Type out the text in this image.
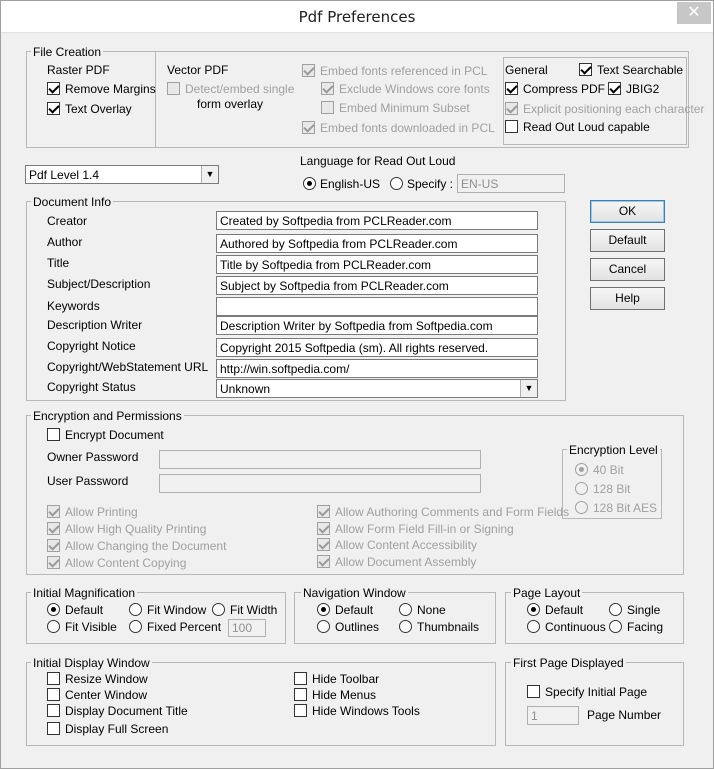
Pdf Preferences	✕
File Creation
Raster PDF
Remove Margins
Text Overlay
Vector PDF
Detect/embed single
form overlay
Embed fonts referenced in PCL
Exclude Windows core fonts
Embed Minimum Subset
Embed fonts downloaded in PCL
General	Text Searchable
Compress PDF JBIG2
Explicit positioning each character
Read Out Loud capable
Pdf Level 1.4	▼
Language for Read Out Loud
English-US Specify : EN-US
Document Info
Creator	Created by Softpedia from PCLReader.com
Author	Authored by Softpedia from PCLReader.com
Title	Title by Softpedia from PCLReader.com
Subject/Description	Subject by Softpedia from PCLReader.com
Keywords
Description Writer	Description Writer by Softpedia from Softpedia.com
Copyright Notice	Copyright 2015 Softpedia (sm). All rights reserved.
Copyright/WebStatement URL http://win.softpedia.com/
Copyright Status	Unknown	▼
OK
Default
Cancel
Help
Encryption and Permissions
Encrypt Document
Owner Password
User Password
Encryption Level
40 Bit
128 Bit
128 Bit AES
Allow Printing
Allow High Quality Printing
Allow Changing the Document
Allow Content Copying
Allow Authoring Comments and Form Fields
Allow Form Field Fill-in or Signing
Allow Content Accessibility
Allow Document Assembly
Initial Magnification
Default	Fit Window Fit Width
Fit Visible	Fixed Percent 100
Navigation Window
Default	None
Outlines	Thumbnails
Page Layout
Default	Single
Continuous Facing
Initial Display Window
Resize Window
Center Window
Display Document Title
Display Full Screen
Hide Toolbar
Hide Menus
Hide Windows Tools
First Page Displayed
Specify Initial Page
1	Page Number
